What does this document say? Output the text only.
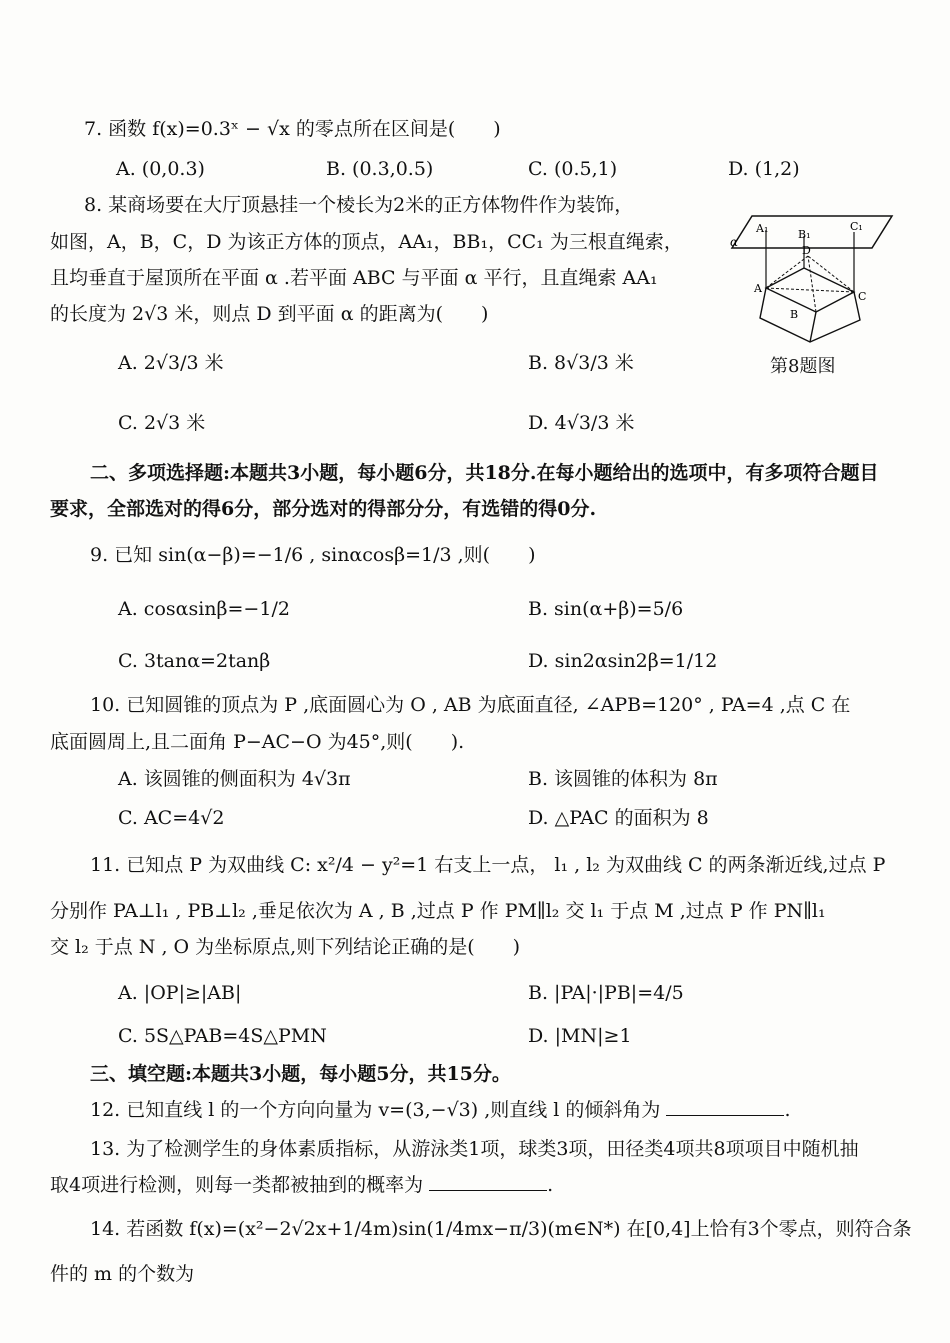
7. 函数 f(x)=0.3ˣ − √x 的零点所在区间是(　　)
A. (0,0.3)	B. (0.3,0.5)	C. (0.5,1)	D. (1,2)
8. 某商场要在大厅顶悬挂一个棱长为2米的正方体物件作为装饰，
如图，A，B，C，D 为该正方体的顶点，AA₁，BB₁，CC₁ 为三根直绳索，
且均垂直于屋顶所在平面 α .若平面 ABC 与平面 α 平行，且直绳索 AA₁
的长度为 2√3 米，则点 D 到平面 α 的距离为(　　)
A. 2√3/3 米	B. 8√3/3 米
C. 2√3 米	D. 4√3/3 米
α
A₁	B₁
C₁
A
B
C
D
第8题图
二、多项选择题:本题共3小题，每小题6分，共18分.在每小题给出的选项中，有多项符合题目
要求，全部选对的得6分，部分选对的得部分分，有选错的得0分.
9. 已知 sin(α−β)=−1/6 , sinαcosβ=1/3 ,则(　　)
A. cosαsinβ=−1/2	B. sin(α+β)=5/6
C. 3tanα=2tanβ	D. sin2αsin2β=1/12
10. 已知圆锥的顶点为 P ,底面圆心为 O , AB 为底面直径, ∠APB=120° , PA=4 ,点 C 在
底面圆周上,且二面角 P−AC−O 为45°,则(　　).
A. 该圆锥的侧面积为 4√3π	B. 该圆锥的体积为 8π
C. AC=4√2	D. △PAC 的面积为 8
11. 已知点 P 为双曲线 C: x²/4 − y²=1 右支上一点， l₁ , l₂ 为双曲线 C 的两条渐近线,过点 P
分别作 PA⊥l₁ , PB⊥l₂ ,垂足依次为 A , B ,过点 P 作 PM∥l₂ 交 l₁ 于点 M ,过点 P 作 PN∥l₁
交 l₂ 于点 N , O 为坐标原点,则下列结论正确的是(　　)
A. |OP|≥|AB|	B. |PA|·|PB|=4/5
C. 5S△PAB=4S△PMN	D. |MN|≥1
三、填空题:本题共3小题，每小题5分，共15分。
12. 已知直线 l 的一个方向向量为 v=(3,−√3) ,则直线 l 的倾斜角为	.
13. 为了检测学生的身体素质指标，从游泳类1项，球类3项，田径类4项共8项项目中随机抽
取4项进行检测，则每一类都被抽到的概率为	.
14. 若函数 f(x)=(x²−2√2x+1/4m)sin(1/4mx−π/3)(m∈N*) 在[0,4]上恰有3个零点，则符合条
件的 m 的个数为
